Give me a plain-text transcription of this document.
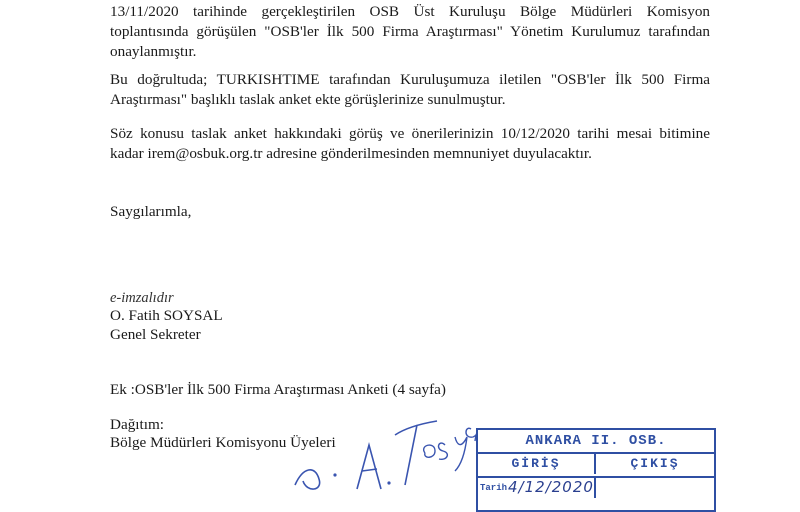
13/11/2020 tarihinde gerçekleştirilen OSB Üst Kuruluşu Bölge Müdürleri Komisyon
toplantısında görüşülen "OSB'ler İlk 500 Firma Araştırması" Yönetim Kurulumuz tarafından
onaylanmıştır.

Bu doğrultuda; TURKISHTIME tarafından Kuruluşumuza iletilen "OSB'ler İlk 500 Firma
Araştırması" başlıklı taslak anket ekte görüşlerinize sunulmuştur.

Söz konusu taslak anket hakkındaki görüş ve önerilerinizin 10/12/2020 tarihi mesai bitimine
kadar irem@osbuk.org.tr adresine gönderilmesinden memnuniyet duyulacaktır.

Saygılarımla,

e-imzalıdır

O. Fatih SOYSAL

Genel Sekreter

Ek :OSB'ler İlk 500 Firma Araştırması Anketi (4 sayfa)

Dağıtım:

Bölge Müdürleri Komisyonu Üyeleri	ANKARA II. OSB.
GİRİŞ	ÇIKIŞ
Tarih 4/12/2020
